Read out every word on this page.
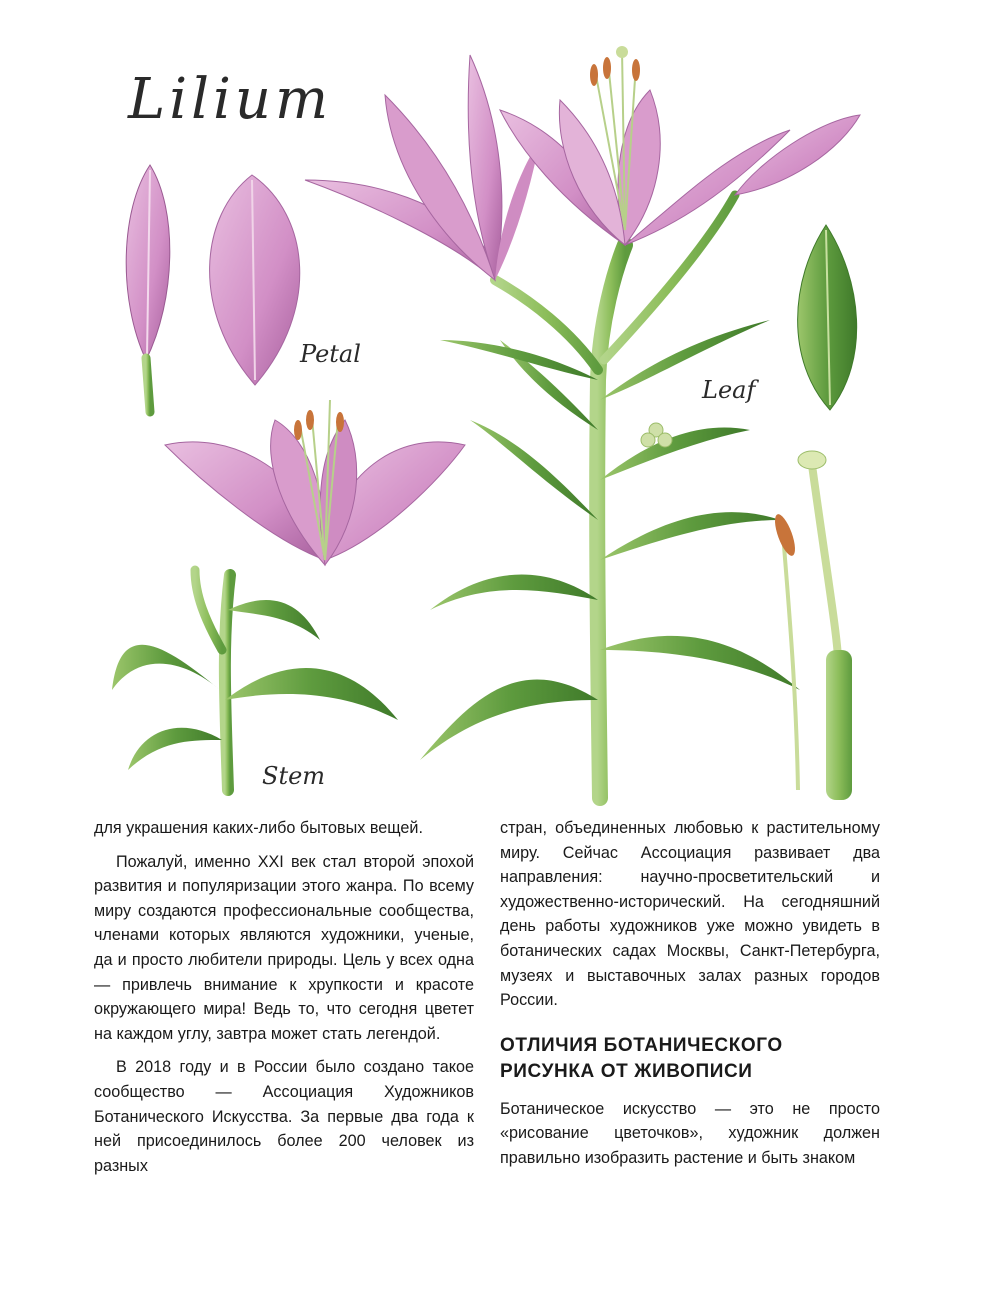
Lilium
Petal
Stem
Leaf

для украшения каких-либо бытовых вещей.

Пожалуй, именно XXI век стал второй эпохой развития и популяризации этого жанра. По всему миру создаются профессиональные сообщества, членами которых являются художники, ученые, да и просто любители природы. Цель у всех одна — привлечь внимание к хрупкости и красоте окружающего мира! Ведь то, что сегодня цветет на каждом углу, завтра может стать легендой.

В 2018 году и в России было создано такое сообщество — Ассоциация Художников Ботанического Искусства. За первые два года к ней присоединилось более 200 человек из разных

стран, объединенных любовью к растительному миру. Сейчас Ассоциация развивает два направления: научно-просветительский и художественно-исторический. На сегодняшний день работы художников уже можно увидеть в ботанических садах Москвы, Санкт-Петербурга, музеях и выставочных залах разных городов России.

ОТЛИЧИЯ БОТАНИЧЕСКОГО РИСУНКА ОТ ЖИВОПИСИ

Ботаническое искусство — это не просто «рисование цветочков», художник должен правильно изобразить растение и быть знаком
